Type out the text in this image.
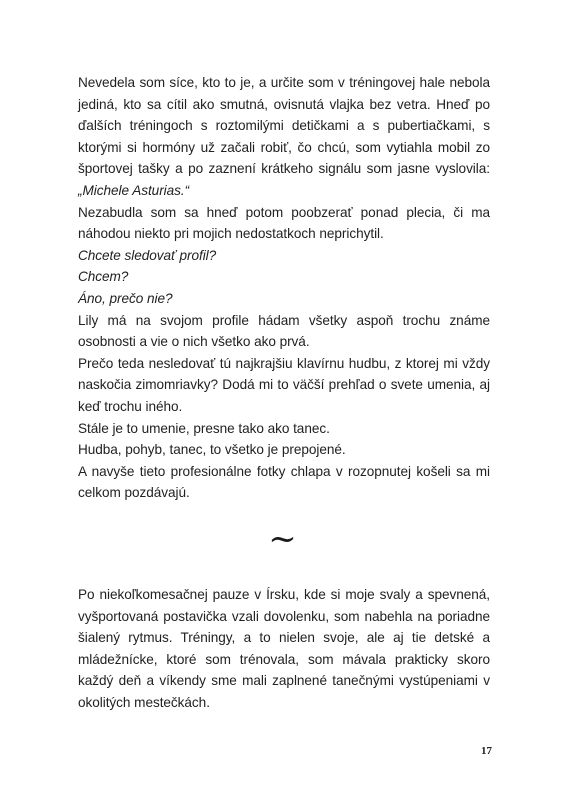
Nevedela som síce, kto to je, a určite som v tréningovej hale nebola jediná, kto sa cítil ako smutná, ovisnutá vlajka bez vetra. Hneď po ďalších tréningoch s roztomilými detičkami a s pubertiačkami, s ktorými si hormóny už začali robiť, čo chcú, som vytiahla mobil zo športovej tašky a po zaznení krátkeho signálu som jasne vyslovila: „Michele Asturias.“

Nezabudla som sa hneď potom poobzerať ponad plecia, či ma náhodou niekto pri mojich nedostatkoch neprichytil.

Chcete sledovať profil?

Chcem?

Áno, prečo nie?

Lily má na svojom profile hádam všetky aspoň trochu známe osobnosti a vie o nich všetko ako prvá.

Prečo teda nesledovať tú najkrajšiu klavírnu hudbu, z ktorej mi vždy naskočia zimomriavky? Dodá mi to väčší prehľad o svete umenia, aj keď trochu iného.

Stále je to umenie, presne tako ako tanec.

Hudba, pohyb, tanec, to všetko je prepojené.

A navyše tieto profesionálne fotky chlapa v rozopnutej košeli sa mi celkom pozdávajú.

~

Po niekoľkomesačnej pauze v Írsku, kde si moje svaly a spevnená, vyšportovaná postavička vzali dovolenku, som nabehla na poriadne šialený rytmus. Tréningy, a to nielen svoje, ale aj tie detské a mládežnícke, ktoré som trénovala, som mávala prakticky skoro každý deň a víkendy sme mali zaplnené tanečnými vystúpeniami v okolitých mestečkách.

17
